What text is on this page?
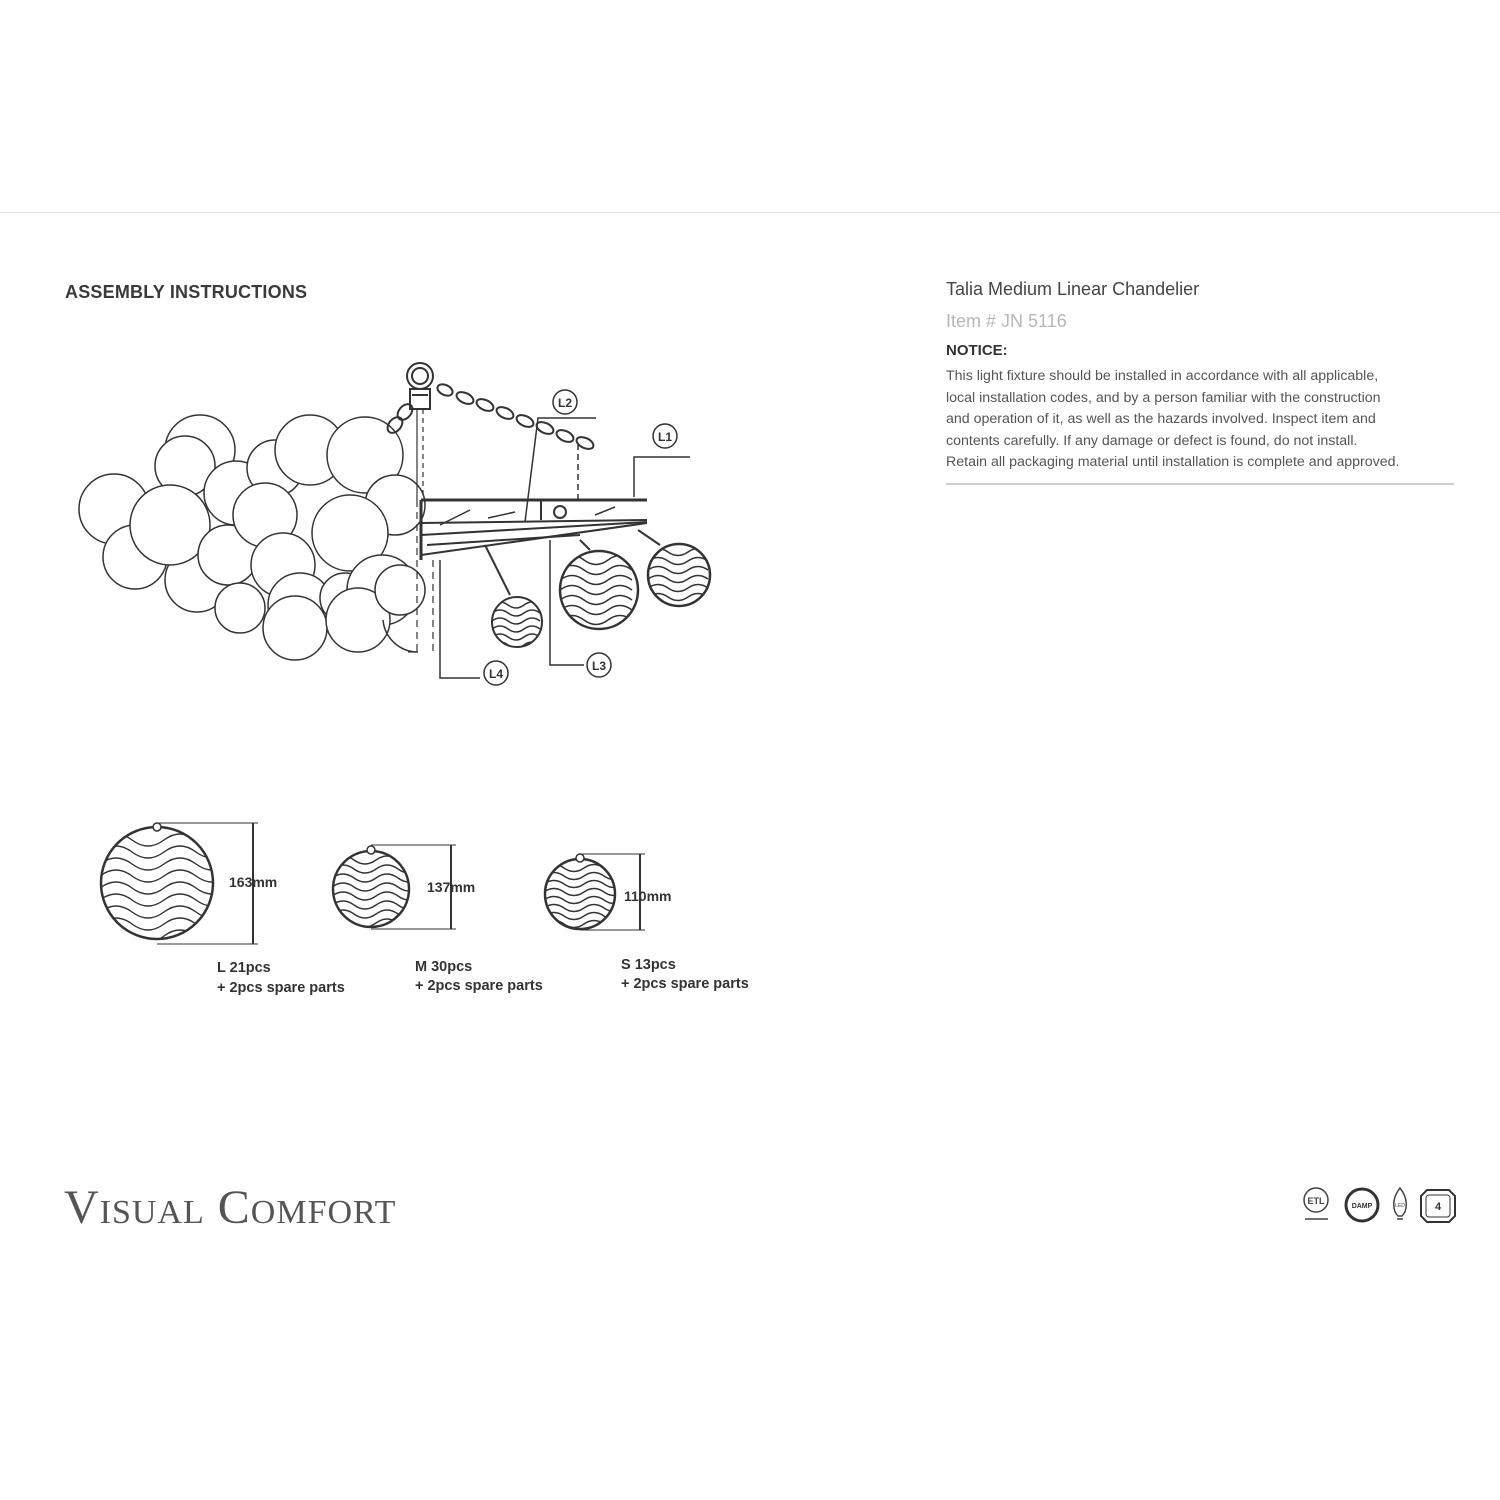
ASSEMBLY INSTRUCTIONS	Talia Medium Linear Chandelier
Item # JN 5116
NOTICE:
This light fixture should be installed in accordance with all applicable,
local installation codes, and by a person familiar with the construction
and operation of it, as well as the hazards involved. Inspect item and
contents carefully. If any damage or defect is found, do not install.
Retain all packaging material until installation is complete and approved.
L1
L2
L3
L4
163mm	137mm
110mm
L 21pcs
+ 2pcs spare parts
M 30pcs
+ 2pcs spare parts
S 13pcs
+ 2pcs spare parts
ETL
DAMP	LED	4
Visual Comfort
